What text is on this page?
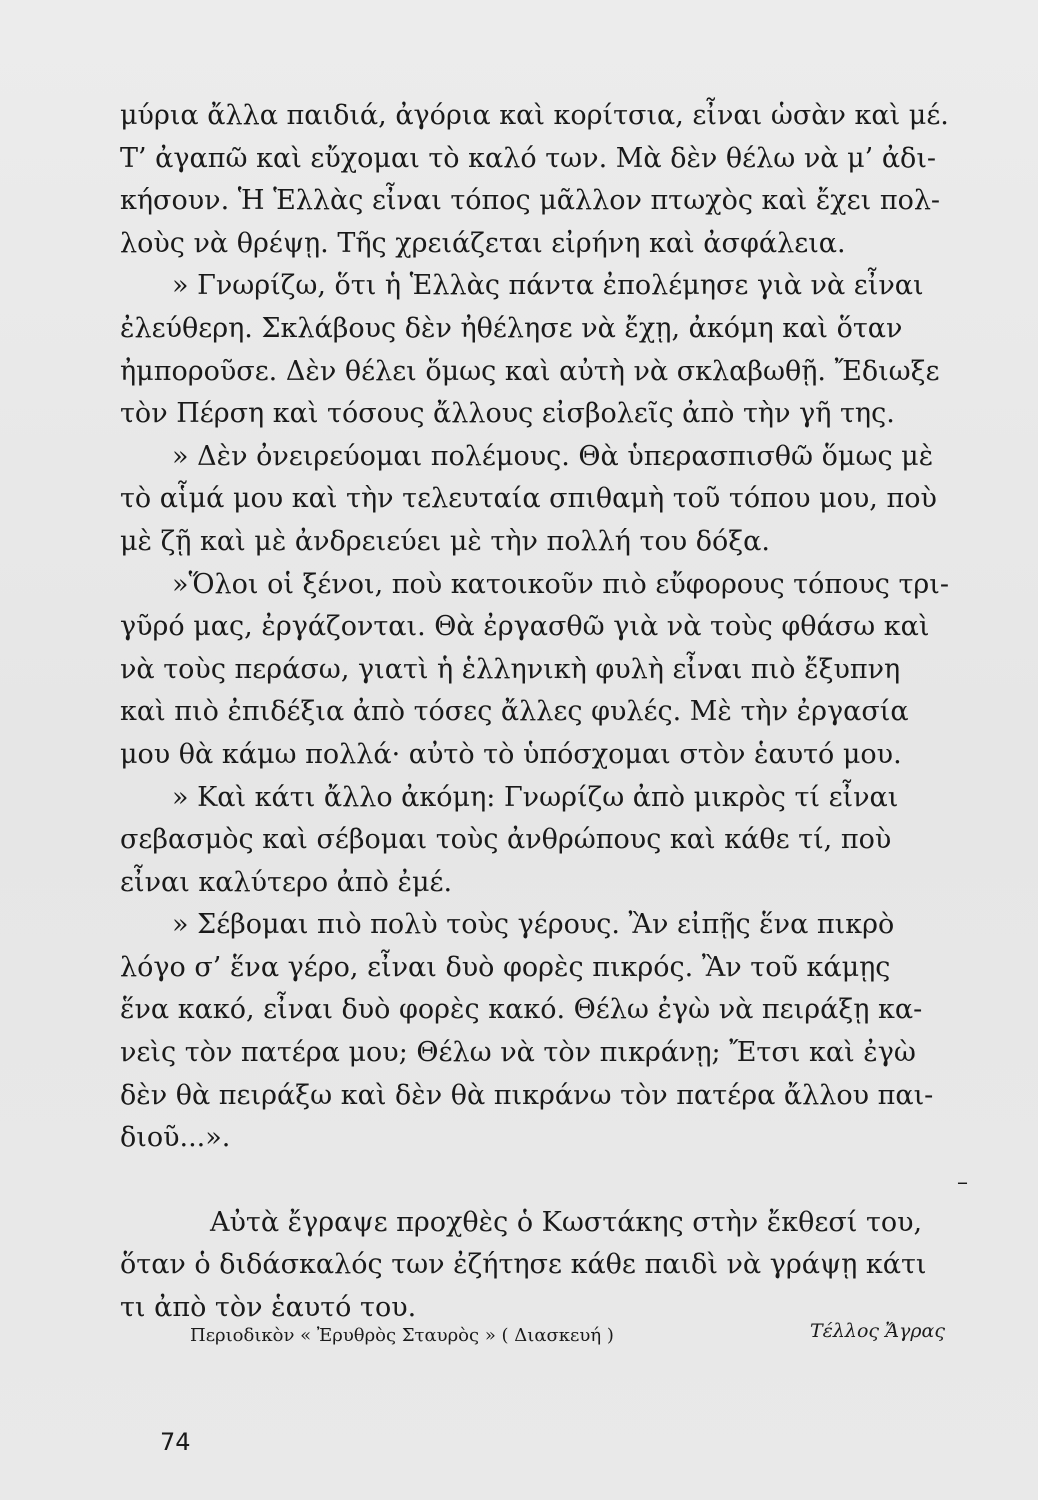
μύρια ἄλλα παιδιά, ἀγόρια καὶ κορίτσια, εἶναι ὡσὰν καὶ μέ.
Τ’ ἀγαπῶ καὶ εὔχομαι τὸ καλό των. Μὰ δὲν θέλω νὰ μ’ ἀδι-
κήσουν. Ἡ Ἑλλὰς εἶναι τόπος μᾶλλον πτωχὸς καὶ ἔχει πολ-
λοὺς νὰ θρέψῃ. Τῆς χρειάζεται εἰρήνη καὶ ἀσφάλεια.
» Γνωρίζω, ὅτι ἡ Ἑλλὰς πάντα ἐπολέμησε γιὰ νὰ εἶναι
ἐλεύθερη. Σκλάβους δὲν ἠθέλησε νὰ ἔχῃ, ἀκόμη καὶ ὅταν
ἠμποροῦσε. Δὲν θέλει ὅμως καὶ αὐτὴ νὰ σκλαβωθῇ. Ἔδιωξε
τὸν Πέρση καὶ τόσους ἄλλους εἰσβολεῖς ἀπὸ τὴν γῆ της.
» Δὲν ὀνειρεύομαι πολέμους. Θὰ ὑπερασπισθῶ ὅμως μὲ
τὸ αἷμά μου καὶ τὴν τελευταία σπιθαμὴ τοῦ τόπου μου, ποὺ
μὲ ζῇ καὶ μὲ ἀνδρειεύει μὲ τὴν πολλή του δόξα.
»Ὅλοι οἱ ξένοι, ποὺ κατοικοῦν πιὸ εὔφορους τόπους τρι-
γῦρό μας, ἐργάζονται. Θὰ ἐργασθῶ γιὰ νὰ τοὺς φθάσω καὶ
νὰ τοὺς περάσω, γιατὶ ἡ ἑλληνικὴ φυλὴ εἶναι πιὸ ἔξυπνη
καὶ πιὸ ἐπιδέξια ἀπὸ τόσες ἄλλες φυλές. Μὲ τὴν ἐργασία
μου θὰ κάμω πολλά· αὐτὸ τὸ ὑπόσχομαι στὸν ἑαυτό μου.
» Καὶ κάτι ἄλλο ἀκόμη: Γνωρίζω ἀπὸ μικρὸς τί εἶναι
σεβασμὸς καὶ σέβομαι τοὺς ἀνθρώπους καὶ κάθε τί, ποὺ
εἶναι καλύτερο ἀπὸ ἐμέ.
» Σέβομαι πιὸ πολὺ τοὺς γέρους. Ἂν εἰπῇς ἕνα πικρὸ
λόγο σ’ ἕνα γέρο, εἶναι δυὸ φορὲς πικρός. Ἂν τοῦ κάμῃς
ἕνα κακό, εἶναι δυὸ φορὲς κακό. Θέλω ἐγὼ νὰ πειράξῃ κα-
νεὶς τὸν πατέρα μου; Θέλω νὰ τὸν πικράνῃ; Ἔτσι καὶ ἐγὼ
δὲν θὰ πειράξω καὶ δὲν θὰ πικράνω τὸν πατέρα ἄλλου παι-
διοῦ...».
–
Αὐτὰ ἔγραψε προχθὲς ὁ Κωστάκης στὴν ἔκθεσί του,
ὅταν ὁ διδάσκαλός των ἐζήτησε κάθε παιδὶ νὰ γράψῃ κάτι
τι ἀπὸ τὸν ἑαυτό του.
Περιοδικὸν « Ἐρυθρὸς Σταυρὸς » ( Διασκευή )	Τέλλος Ἄγρας
74
